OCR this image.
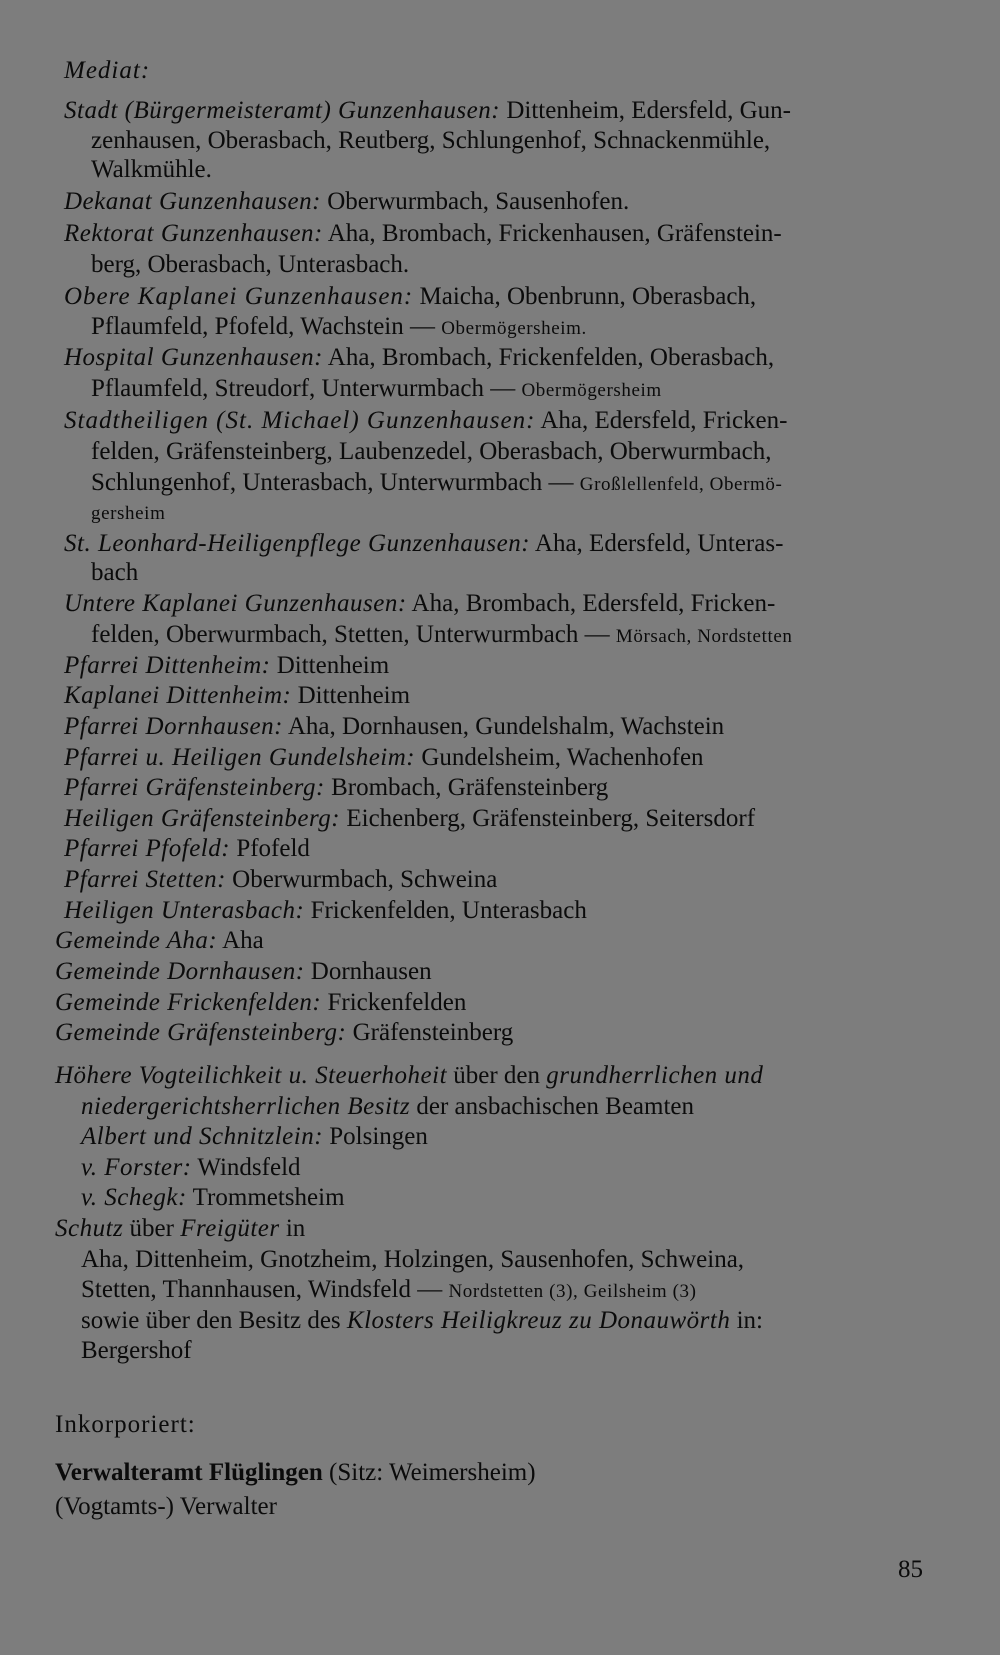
Mediat:
Stadt (Bürgermeisteramt) Gunzenhausen: Dittenheim, Edersfeld, Gun-
zenhausen, Oberasbach, Reutberg, Schlungenhof, Schnackenmühle,
Walkmühle.
Dekanat Gunzenhausen: Oberwurmbach, Sausenhofen.
Rektorat Gunzenhausen: Aha, Brombach, Frickenhausen, Gräfenstein-
berg, Oberasbach, Unterasbach.
Obere Kaplanei Gunzenhausen: Maicha, Obenbrunn, Oberasbach,
Pflaumfeld, Pfofeld, Wachstein — Obermögersheim.
Hospital Gunzenhausen: Aha, Brombach, Frickenfelden, Oberasbach,
Pflaumfeld, Streudorf, Unterwurmbach — Obermögersheim
Stadtheiligen (St. Michael) Gunzenhausen: Aha, Edersfeld, Fricken-
felden, Gräfensteinberg, Laubenzedel, Oberasbach, Oberwurmbach,
Schlungenhof, Unterasbach, Unterwurmbach — Großlellenfeld, Obermö-
gersheim
St. Leonhard-Heiligenpflege Gunzenhausen: Aha, Edersfeld, Unteras-
bach
Untere Kaplanei Gunzenhausen: Aha, Brombach, Edersfeld, Fricken-
felden, Oberwurmbach, Stetten, Unterwurmbach — Mörsach, Nordstetten
Pfarrei Dittenheim: Dittenheim
Kaplanei Dittenheim: Dittenheim
Pfarrei Dornhausen: Aha, Dornhausen, Gundelshalm, Wachstein
Pfarrei u. Heiligen Gundelsheim: Gundelsheim, Wachenhofen
Pfarrei Gräfensteinberg: Brombach, Gräfensteinberg
Heiligen Gräfensteinberg: Eichenberg, Gräfensteinberg, Seitersdorf
Pfarrei Pfofeld: Pfofeld
Pfarrei Stetten: Oberwurmbach, Schweina
Heiligen Unterasbach: Frickenfelden, Unterasbach
Gemeinde Aha: Aha
Gemeinde Dornhausen: Dornhausen
Gemeinde Frickenfelden: Frickenfelden
Gemeinde Gräfensteinberg: Gräfensteinberg
Höhere Vogteilichkeit u. Steuerhoheit über den grundherrlichen und
niedergerichtsherrlichen Besitz der ansbachischen Beamten
Albert und Schnitzlein: Polsingen
v. Forster: Windsfeld
v. Schegk: Trommetsheim
Schutz über Freigüter in
Aha, Dittenheim, Gnotzheim, Holzingen, Sausenhofen, Schweina,
Stetten, Thannhausen, Windsfeld — Nordstetten (3), Geilsheim (3)
sowie über den Besitz des Klosters Heiligkreuz zu Donauwörth in:
Bergershof
Inkorporiert:
Verwalteramt Flüglingen (Sitz: Weimersheim)
(Vogtamts-) Verwalter
85
